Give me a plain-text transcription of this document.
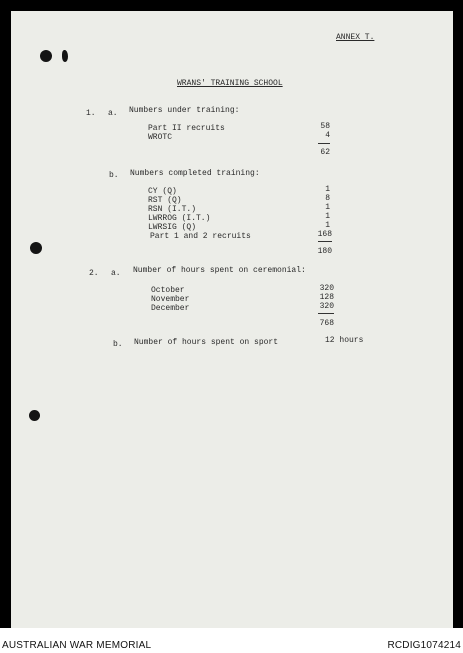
ANNEX T.
WRANS' TRAINING SCHOOL
1. a. Numbers under training:
Part II recruits	58
WROTC	4
62
b. Numbers completed training:
CY (Q)	1
RST (Q)	8
RSN (I.T.)	1
LWRROG (I.T.)	1
LWRSIG (Q)	1
Part 1 and 2 recruits	168
180
2. a. Number of hours spent on ceremonial:
October	320
November	128
December	320
768
b. Number of hours spent on sport	12 hours
AUSTRALIAN WAR MEMORIAL	RCDIG1074214
